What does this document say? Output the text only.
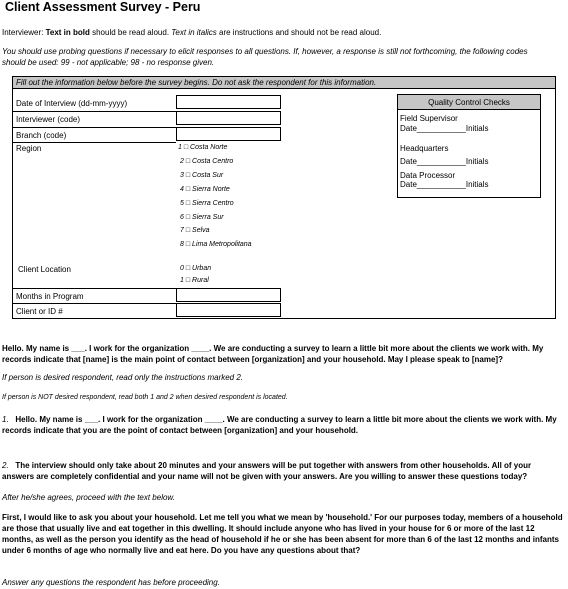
Client Assessment Survey - Peru
Interviewer: Text in bold should be read aloud. Text in italics are instructions and should not be read aloud.
You should use probing questions if necessary to elicit responses to all questions. If, however, a response is still not forthcoming, the following codes should be used: 99 - not applicable; 98 - no response given.
Fill out the information below before the survey begins. Do not ask the respondent for this information.
Date of Interview (dd-mm-yyyy)
Interviewer (code)
Branch (code)
Region	1 □ Costa Norte
2 □ Costa Centro
3 □ Costa Sur
4 □ Sierra Norte
5 □ Sierra Centro
6 □ Sierra Sur
7 □ Selva
8 □ Lima Metropolitana
Client Location	0 □ Urban
1 □ Rural
Months in Program
Client or ID #
Quality Control Checks
Field Supervisor
Date___________Initials
Headquarters
Date___________Initials
Data Processor
Date___________Initials
Hello. My name is ___. I work for the organization ____. We are conducting a survey to learn a little bit more about the clients we work with. My records indicate that [name] is the main point of contact between [organization] and your household. May I please speak to [name]?
If person is desired respondent, read only the instructions marked 2.
If person is NOT desired respondent, read both 1 and 2 when desired respondent is located.
1. Hello. My name is ___. I work for the organization ____. We are conducting a survey to learn a little bit more about the clients we work with. My records indicate that you are the point of contact between [organization] and your household.
2. The interview should only take about 20 minutes and your answers will be put together with answers from other households. All of your answers are completely confidential and your name will not be given with your answers. Are you willing to answer these questions today?
After he/she agrees, proceed with the text below.
First, I would like to ask you about your household. Let me tell you what we mean by 'household.' For our purposes today, members of a household are those that usually live and eat together in this dwelling. It should include anyone who has lived in your house for 6 or more of the last 12 months, as well as the person you identify as the head of household if he or she has been absent for more than 6 of the last 12 months and infants under 6 months of age who normally live and eat here. Do you have any questions about that?
Answer any questions the respondent has before proceeding.
